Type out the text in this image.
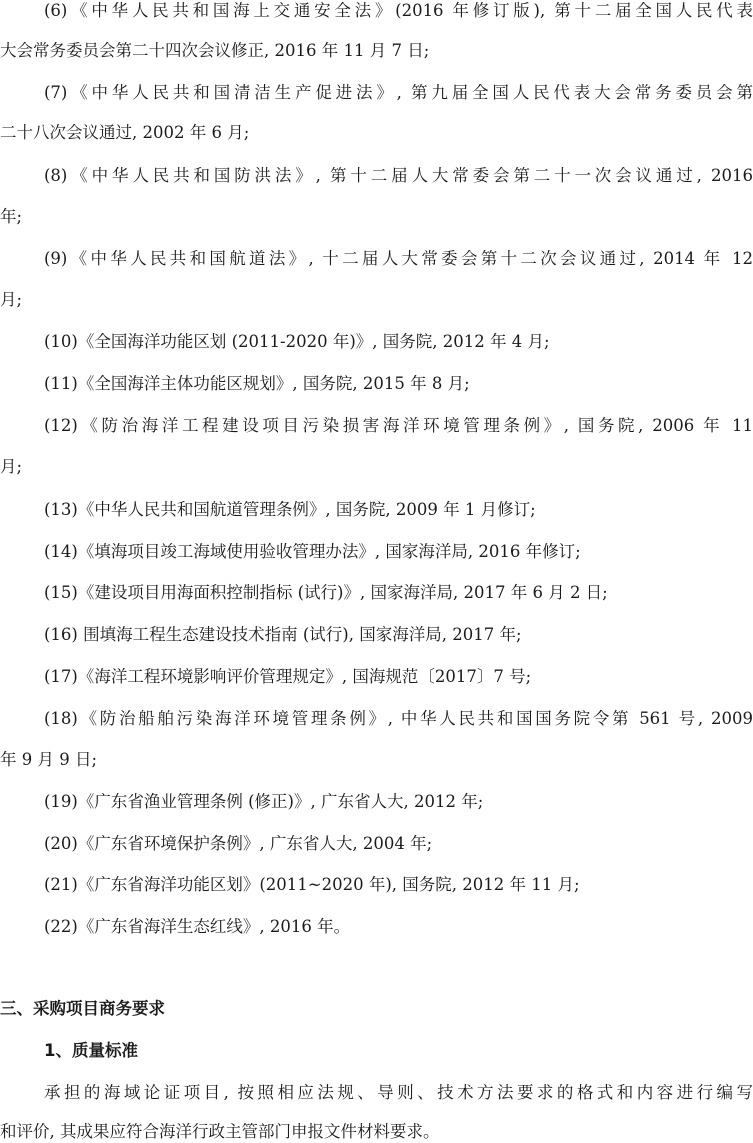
(6)《中华人民共和国海上交通安全法》(2016 年修订版), 第十二届全国人民代表
大会常务委员会第二十四次会议修正, 2016 年 11 月 7 日;
(7)《中华人民共和国清洁生产促进法》, 第九届全国人民代表大会常务委员会第
二十八次会议通过, 2002 年 6 月;
(8)《中华人民共和国防洪法》, 第十二届人大常委会第二十一次会议通过, 2016
年;
(9)《中华人民共和国航道法》, 十二届人大常委会第十二次会议通过, 2014 年 12
月;
(10)《全国海洋功能区划 (2011-2020 年)》, 国务院, 2012 年 4 月;
(11)《全国海洋主体功能区规划》, 国务院, 2015 年 8 月;
(12)《防治海洋工程建设项目污染损害海洋环境管理条例》, 国务院, 2006 年 11
月;
(13)《中华人民共和国航道管理条例》, 国务院, 2009 年 1 月修订;
(14)《填海项目竣工海域使用验收管理办法》, 国家海洋局, 2016 年修订;
(15)《建设项目用海面积控制指标 (试行)》, 国家海洋局, 2017 年 6 月 2 日;
(16) 围填海工程生态建设技术指南 (试行), 国家海洋局, 2017 年;
(17)《海洋工程环境影响评价管理规定》, 国海规范〔2017〕7 号;
(18)《防治船舶污染海洋环境管理条例》, 中华人民共和国国务院令第 561 号, 2009
年 9 月 9 日;
(19)《广东省渔业管理条例 (修正)》, 广东省人大, 2012 年;
(20)《广东省环境保护条例》, 广东省人大, 2004 年;
(21)《广东省海洋功能区划》(2011~2020 年), 国务院, 2012 年 11 月;
(22)《广东省海洋生态红线》, 2016 年。
三、采购项目商务要求
1、质量标准
承担的海域论证项目, 按照相应法规、导则、技术方法要求的格式和内容进行编写
和评价, 其成果应符合海洋行政主管部门申报文件材料要求。
